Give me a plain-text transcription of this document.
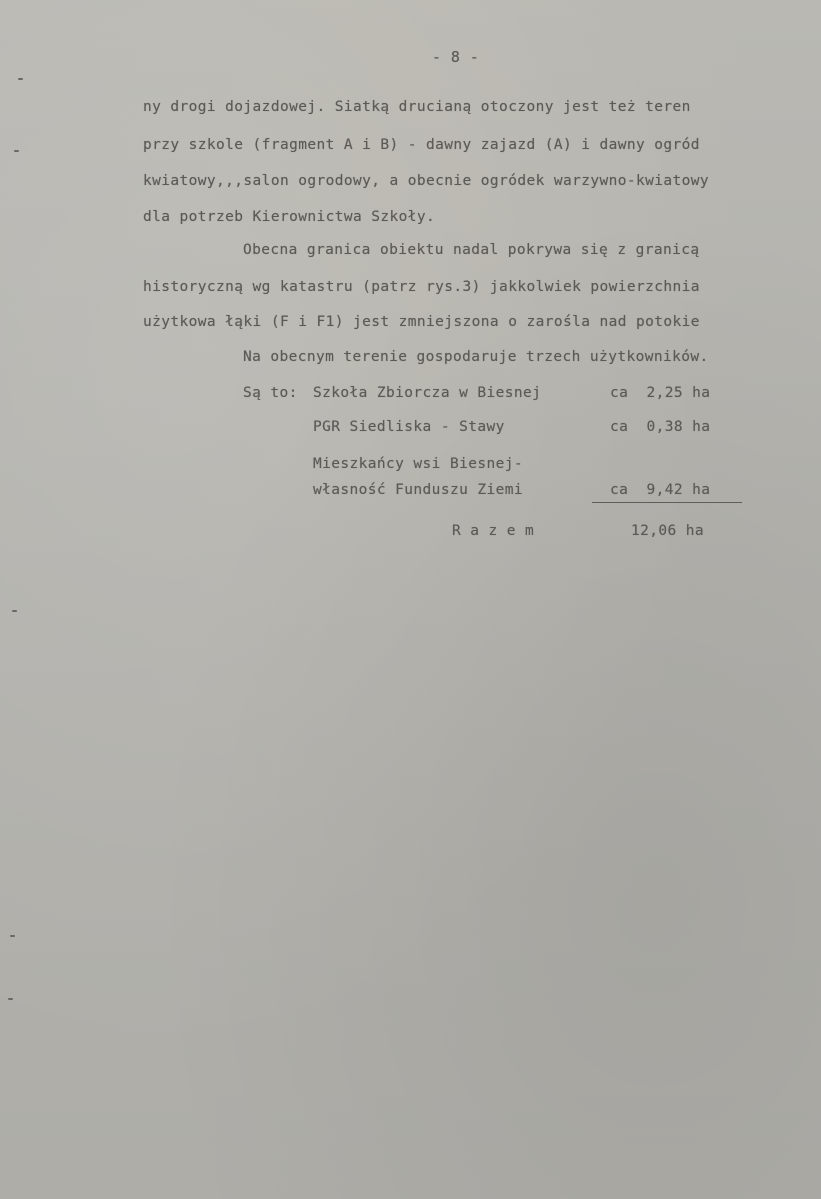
- 8 -

ny drogi dojazdowej. Siatką drucianą otoczony jest też teren

przy szkole (fragment A i B) - dawny zajazd (A) i dawny ogród

kwiatowy,,,salon ogrodowy, a obecnie ogródek warzywno-kwiatowy

dla potrzeb Kierownictwa Szkoły.

Obecna granica obiektu nadal pokrywa się z granicą

historyczną wg katastru (patrz rys.3) jakkolwiek powierzchnia

użytkowa łąki (F i F1) jest zmniejszona o zarośla nad potokie

Na obecnym terenie gospodaruje trzech użytkowników.

Są to: Szkoła Zbiorcza w Biesnej	ca  2,25 ha

PGR Siedliska - Stawy	ca  0,38 ha

Mieszkańcy wsi Biesnej-

własność Funduszu Ziemi	ca  9,42 ha

R a z e m	12,06 ha
